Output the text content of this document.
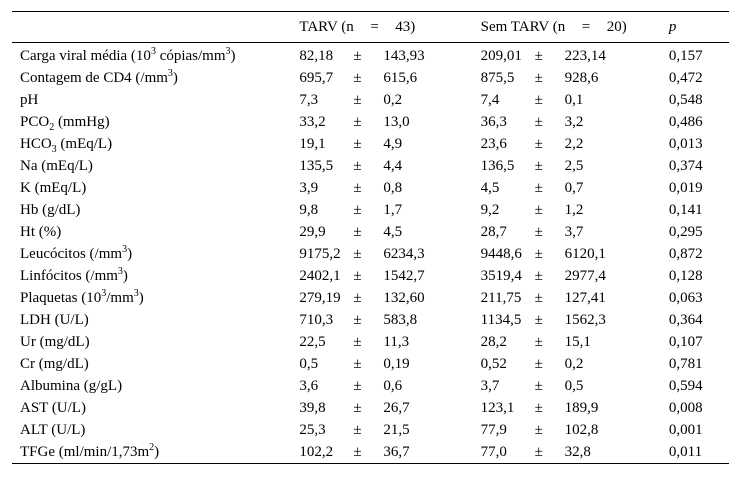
	TARV (n = 43)	Sem TARV (n = 20)	p
Carga viral média ($10^3$ cópias/$mm^3$)	82,18 ± 143,93	209,01 ± 223,14	0,157
Contagem de CD4 $(/mm^3)$	695,7 ± 615,6	875,5 ± 928,6	0,472
pH	7,3 ± 0,2	7,4 ± 0,1	0,548
$PCO_2$ (mmHg)	33,2 ± 13,0	36,3 ± 3,2	0,486
$HCO_3$ (mEq/L)	19,1 ± 4,9	23,6 ± 2,2	0,013
Na (mEq/L)	135,5 ± 4,4	136,5 ± 2,5	0,374
K (mEq/L)	3,9 ± 0,8	4,5 ± 0,7	0,019
Hb (g/dL)	9,8 ± 1,7	9,2 ± 1,2	0,141
Ht (%)	29,9 ± 4,5	28,7 ± 3,7	0,295
Leucócitos $(/mm^3)$	9175,2 ± 6234,3	9448,6 ± 6120,1	0,872
Linfócitos $(/mm^3)$	2402,1 ± 1542,7	3519,4 ± 2977,4	0,128
Plaquetas $(10^3/mm^3)$	279,19 ± 132,60	211,75 ± 127,41	0,063
LDH (U/L)	710,3 ± 583,8	1134,5 ± 1562,3	0,364
Ur (mg/dL)	22,5 ± 11,3	28,2 ± 15,1	0,107
Cr (mg/dL)	0,5 ± 0,19	0,52 ± 0,2	0,781
Albumina (g/gL)	3,6 ± 0,6	3,7 ± 0,5	0,594
AST (U/L)	39,8 ± 26,7	123,1 ± 189,9	0,008
ALT (U/L)	25,3 ± 21,5	77,9 ± 102,8	0,001
TFGe $(ml/\min/1,73m^2)$	102,2 ± 36,7	77,0 ± 32,8	0,011
